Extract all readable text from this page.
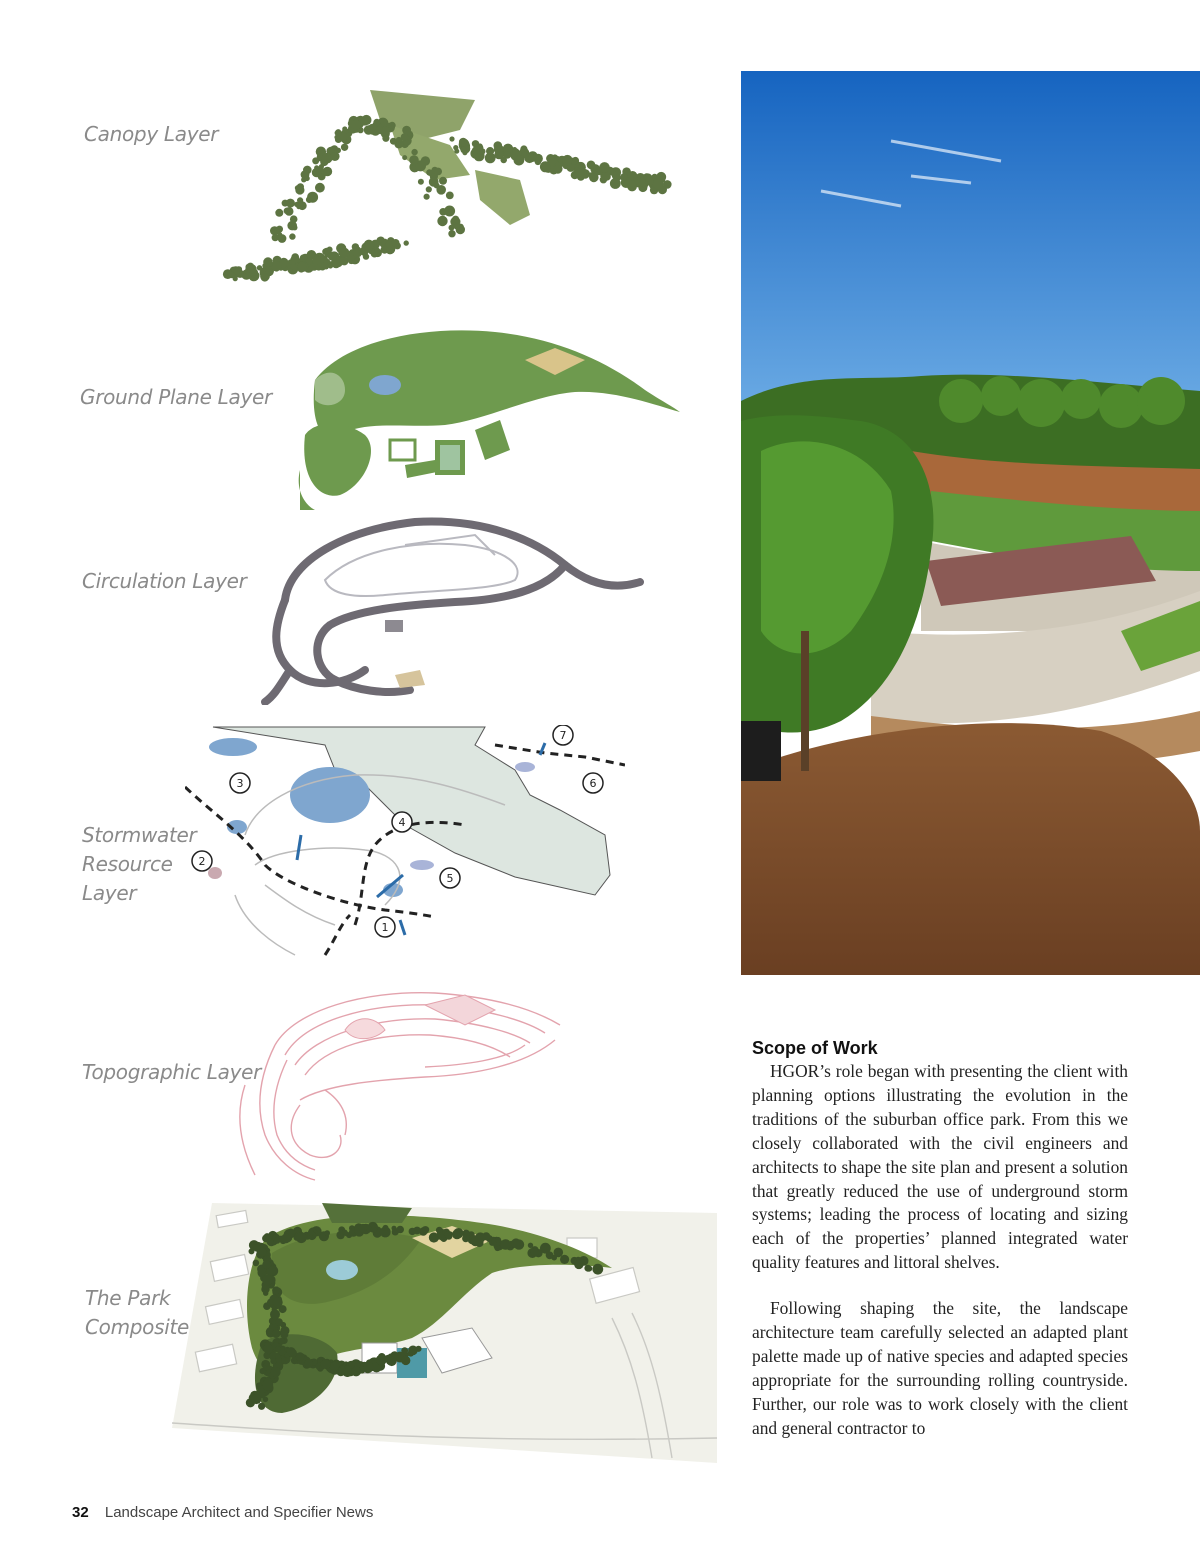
Canopy Layer
Ground Plane Layer
Circulation Layer
Stormwater Resource Layer
Topographic Layer
The Park Composite
1
2
3
4
5
6
7
Scope of Work

HGOR’s role began with presenting the client with planning options illustrating the evolution in the traditions of the suburban office park. From this we closely collaborated with the civil engineers and architects to shape the site plan and present a solution that greatly reduced the use of underground storm systems; leading the process of locating and sizing each of the properties’ planned integrated water quality features and littoral shelves.

Following shaping the site, the landscape architecture team carefully selected an adapted plant palette made up of native species and adapted species appropriate for the surrounding rolling countryside. Further, our role was to work closely with the client and general contractor to

32 Landscape Architect and Specifier News
